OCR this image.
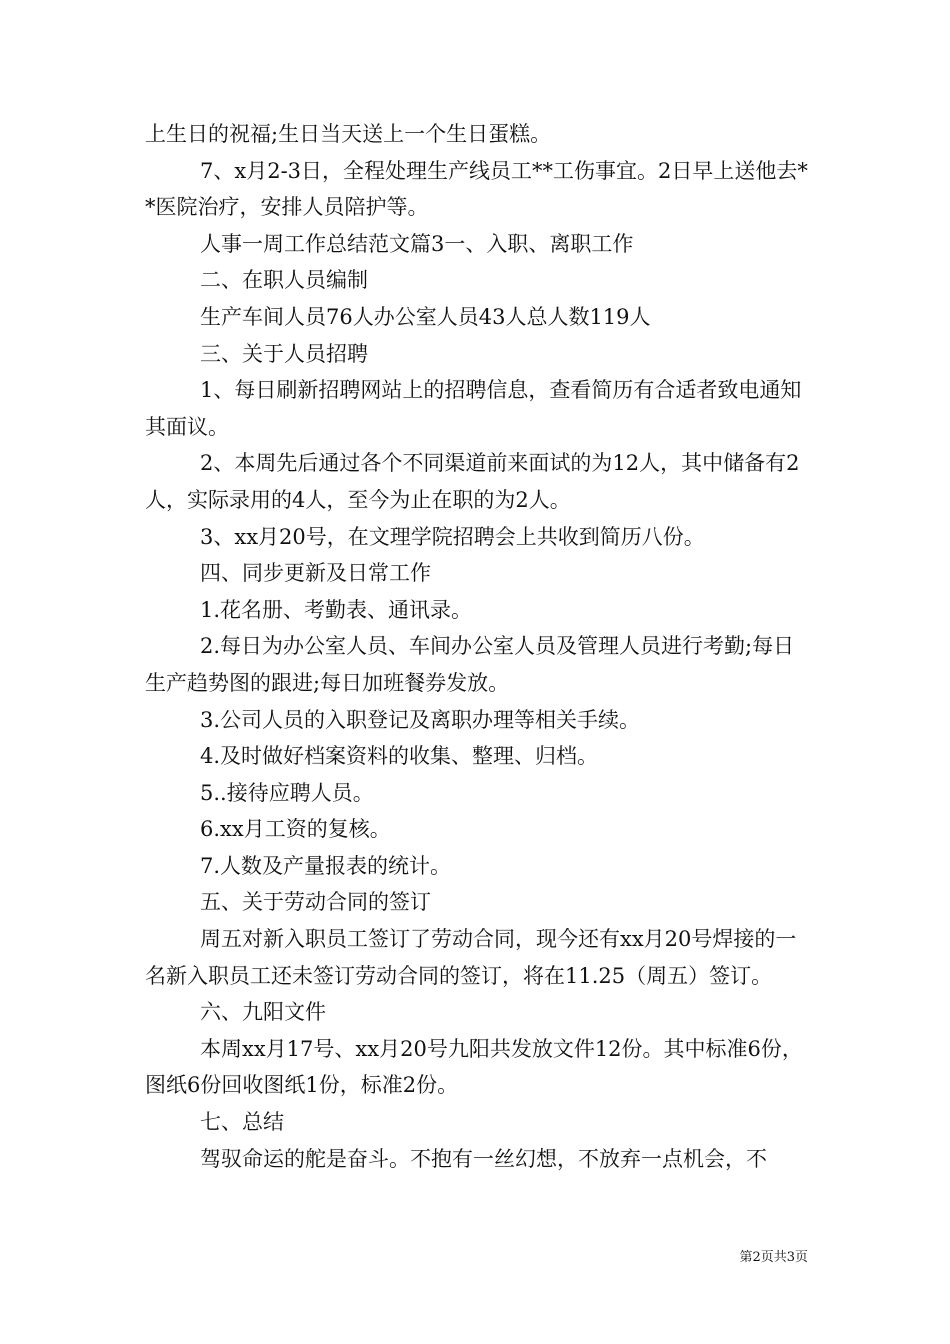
上生日的祝福;生日当天送上一个生日蛋糕。

7、x月2-3日，全程处理生产线员工**工伤事宜。2日早上送他去**医院治疗，安排人员陪护等。

人事一周工作总结范文篇3一、入职、离职工作

二、在职人员编制

生产车间人员76人办公室人员43人总人数119人

三、关于人员招聘

1、每日刷新招聘网站上的招聘信息，查看简历有合适者致电通知其面议。

2、本周先后通过各个不同渠道前来面试的为12人，其中储备有2人，实际录用的4人，至今为止在职的为2人。

3、xx月20号，在文理学院招聘会上共收到简历八份。

四、同步更新及日常工作

1.花名册、考勤表、通讯录。

2.每日为办公室人员、车间办公室人员及管理人员进行考勤;每日生产趋势图的跟进;每日加班餐券发放。

3.公司人员的入职登记及离职办理等相关手续。

4.及时做好档案资料的收集、整理、归档。

5..接待应聘人员。

6.xx月工资的复核。

7.人数及产量报表的统计。

五、关于劳动合同的签订

周五对新入职员工签订了劳动合同，现今还有xx月20号焊接的一名新入职员工还未签订劳动合同的签订，将在11.25（周五）签订。

六、九阳文件

本周xx月17号、xx月20号九阳共发放文件12份。其中标准6份，图纸6份回收图纸1份，标准2份。

七、总结

驾驭命运的舵是奋斗。不抱有一丝幻想，不放弃一点机会，不

第2页共3页
